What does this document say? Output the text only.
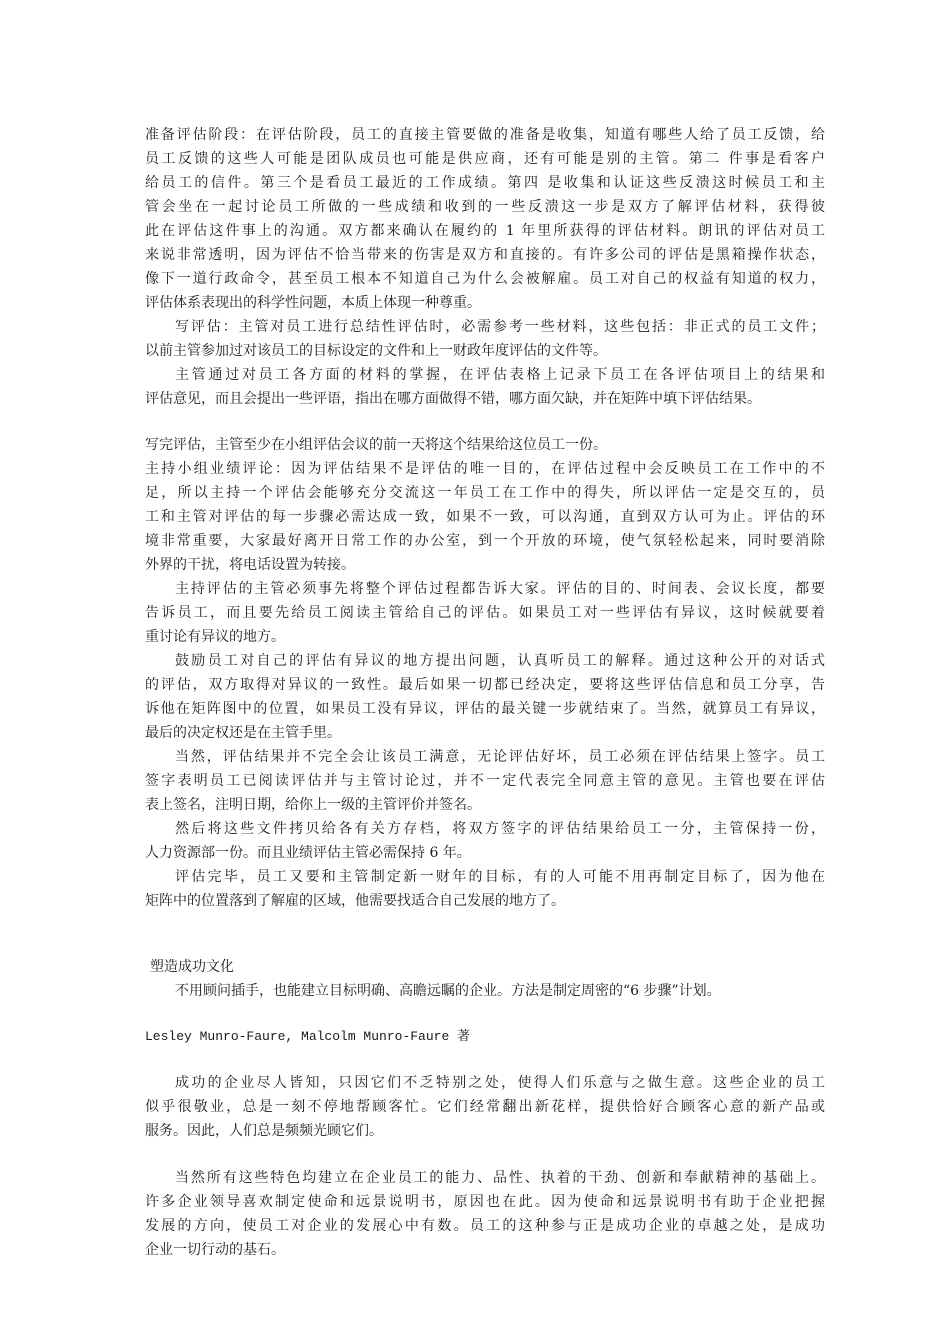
准备评估阶段：在评估阶段，员工的直接主管要做的准备是收集，知道有哪些人给了员工反馈，给
员工反馈的这些人可能是团队成员也可能是供应商，还有可能是别的主管。第二 件事是看客户
给员工的信件。第三个是看员工最近的工作成绩。第四 是收集和认证这些反溃这时候员工和主
管会坐在一起讨论员工所做的一些成绩和收到的一些反溃这一步是双方了解评估材料，获得彼
此在评估这件事上的沟通。双方都来确认在履约的 1 年里所获得的评估材料。朗讯的评估对员工
来说非常透明，因为评估不恰当带来的伤害是双方和直接的。有许多公司的评估是黑箱操作状态，
像下一道行政命令，甚至员工根本不知道自己为什么会被解雇。员工对自己的权益有知道的权力，
评估体系表现出的科学性问题，本质上体现一种尊重。
写评估：主管对员工进行总结性评估时，必需参考一些材料，这些包括：非正式的员工文件；
以前主管参加过对该员工的目标设定的文件和上一财政年度评估的文件等。
主管通过对员工各方面的材料的掌握，在评估表格上记录下员工在各评估项目上的结果和
评估意见，而且会提出一些评语，指出在哪方面做得不错，哪方面欠缺，并在矩阵中填下评估结果。
写完评估，主管至少在小组评估会议的前一天将这个结果给这位员工一份。
主持小组业绩评论：因为评估结果不是评估的唯一目的，在评估过程中会反映员工在工作中的不
足，所以主持一个评估会能够充分交流这一年员工在工作中的得失，所以评估一定是交互的，员
工和主管对评估的每一步骤必需达成一致，如果不一致，可以沟通，直到双方认可为止。评估的环
境非常重要，大家最好离开日常工作的办公室，到一个开放的环境，使气氛轻松起来，同时要消除
外界的干扰，将电话设置为转接。
主持评估的主管必须事先将整个评估过程都告诉大家。评估的目的、时间表、会议长度，都要
告诉员工，而且要先给员工阅读主管给自己的评估。如果员工对一些评估有异议，这时候就要着
重讨论有异议的地方。
鼓励员工对自己的评估有异议的地方提出问题，认真听员工的解释。通过这种公开的对话式
的评估，双方取得对异议的一致性。最后如果一切都已经决定，要将这些评估信息和员工分享，告
诉他在矩阵图中的位置，如果员工没有异议，评估的最关键一步就结束了。当然，就算员工有异议，
最后的决定权还是在主管手里。
当然，评估结果并不完全会让该员工满意，无论评估好坏，员工必须在评估结果上签字。员工
签字表明员工已阅读评估并与主管讨论过，并不一定代表完全同意主管的意见。主管也要在评估
表上签名，注明日期，给你上一级的主管评价并签名。
然后将这些文件拷贝给各有关方存档，将双方签字的评估结果给员工一分，主管保持一份，
人力资源部一份。而且业绩评估主管必需保持 6 年。
评估完毕，员工又要和主管制定新一财年的目标，有的人可能不用再制定目标了，因为他在
矩阵中的位置落到了解雇的区域，他需要找适合自己发展的地方了。
塑造成功文化
不用顾问插手，也能建立目标明确、高瞻远瞩的企业。方法是制定周密的“6 步骤”计划。
Lesley Munro-Faure, Malcolm Munro-Faure 著
成功的企业尽人皆知，只因它们不乏特别之处，使得人们乐意与之做生意。这些企业的员工
似乎很敬业，总是一刻不停地帮顾客忙。它们经常翻出新花样，提供恰好合顾客心意的新产品或
服务。因此，人们总是频频光顾它们。
当然所有这些特色均建立在企业员工的能力、品性、执着的干劲、创新和奉献精神的基础上。
许多企业领导喜欢制定使命和远景说明书，原因也在此。因为使命和远景说明书有助于企业把握
发展的方向，使员工对企业的发展心中有数。员工的这种参与正是成功企业的卓越之处，是成功
企业一切行动的基石。
